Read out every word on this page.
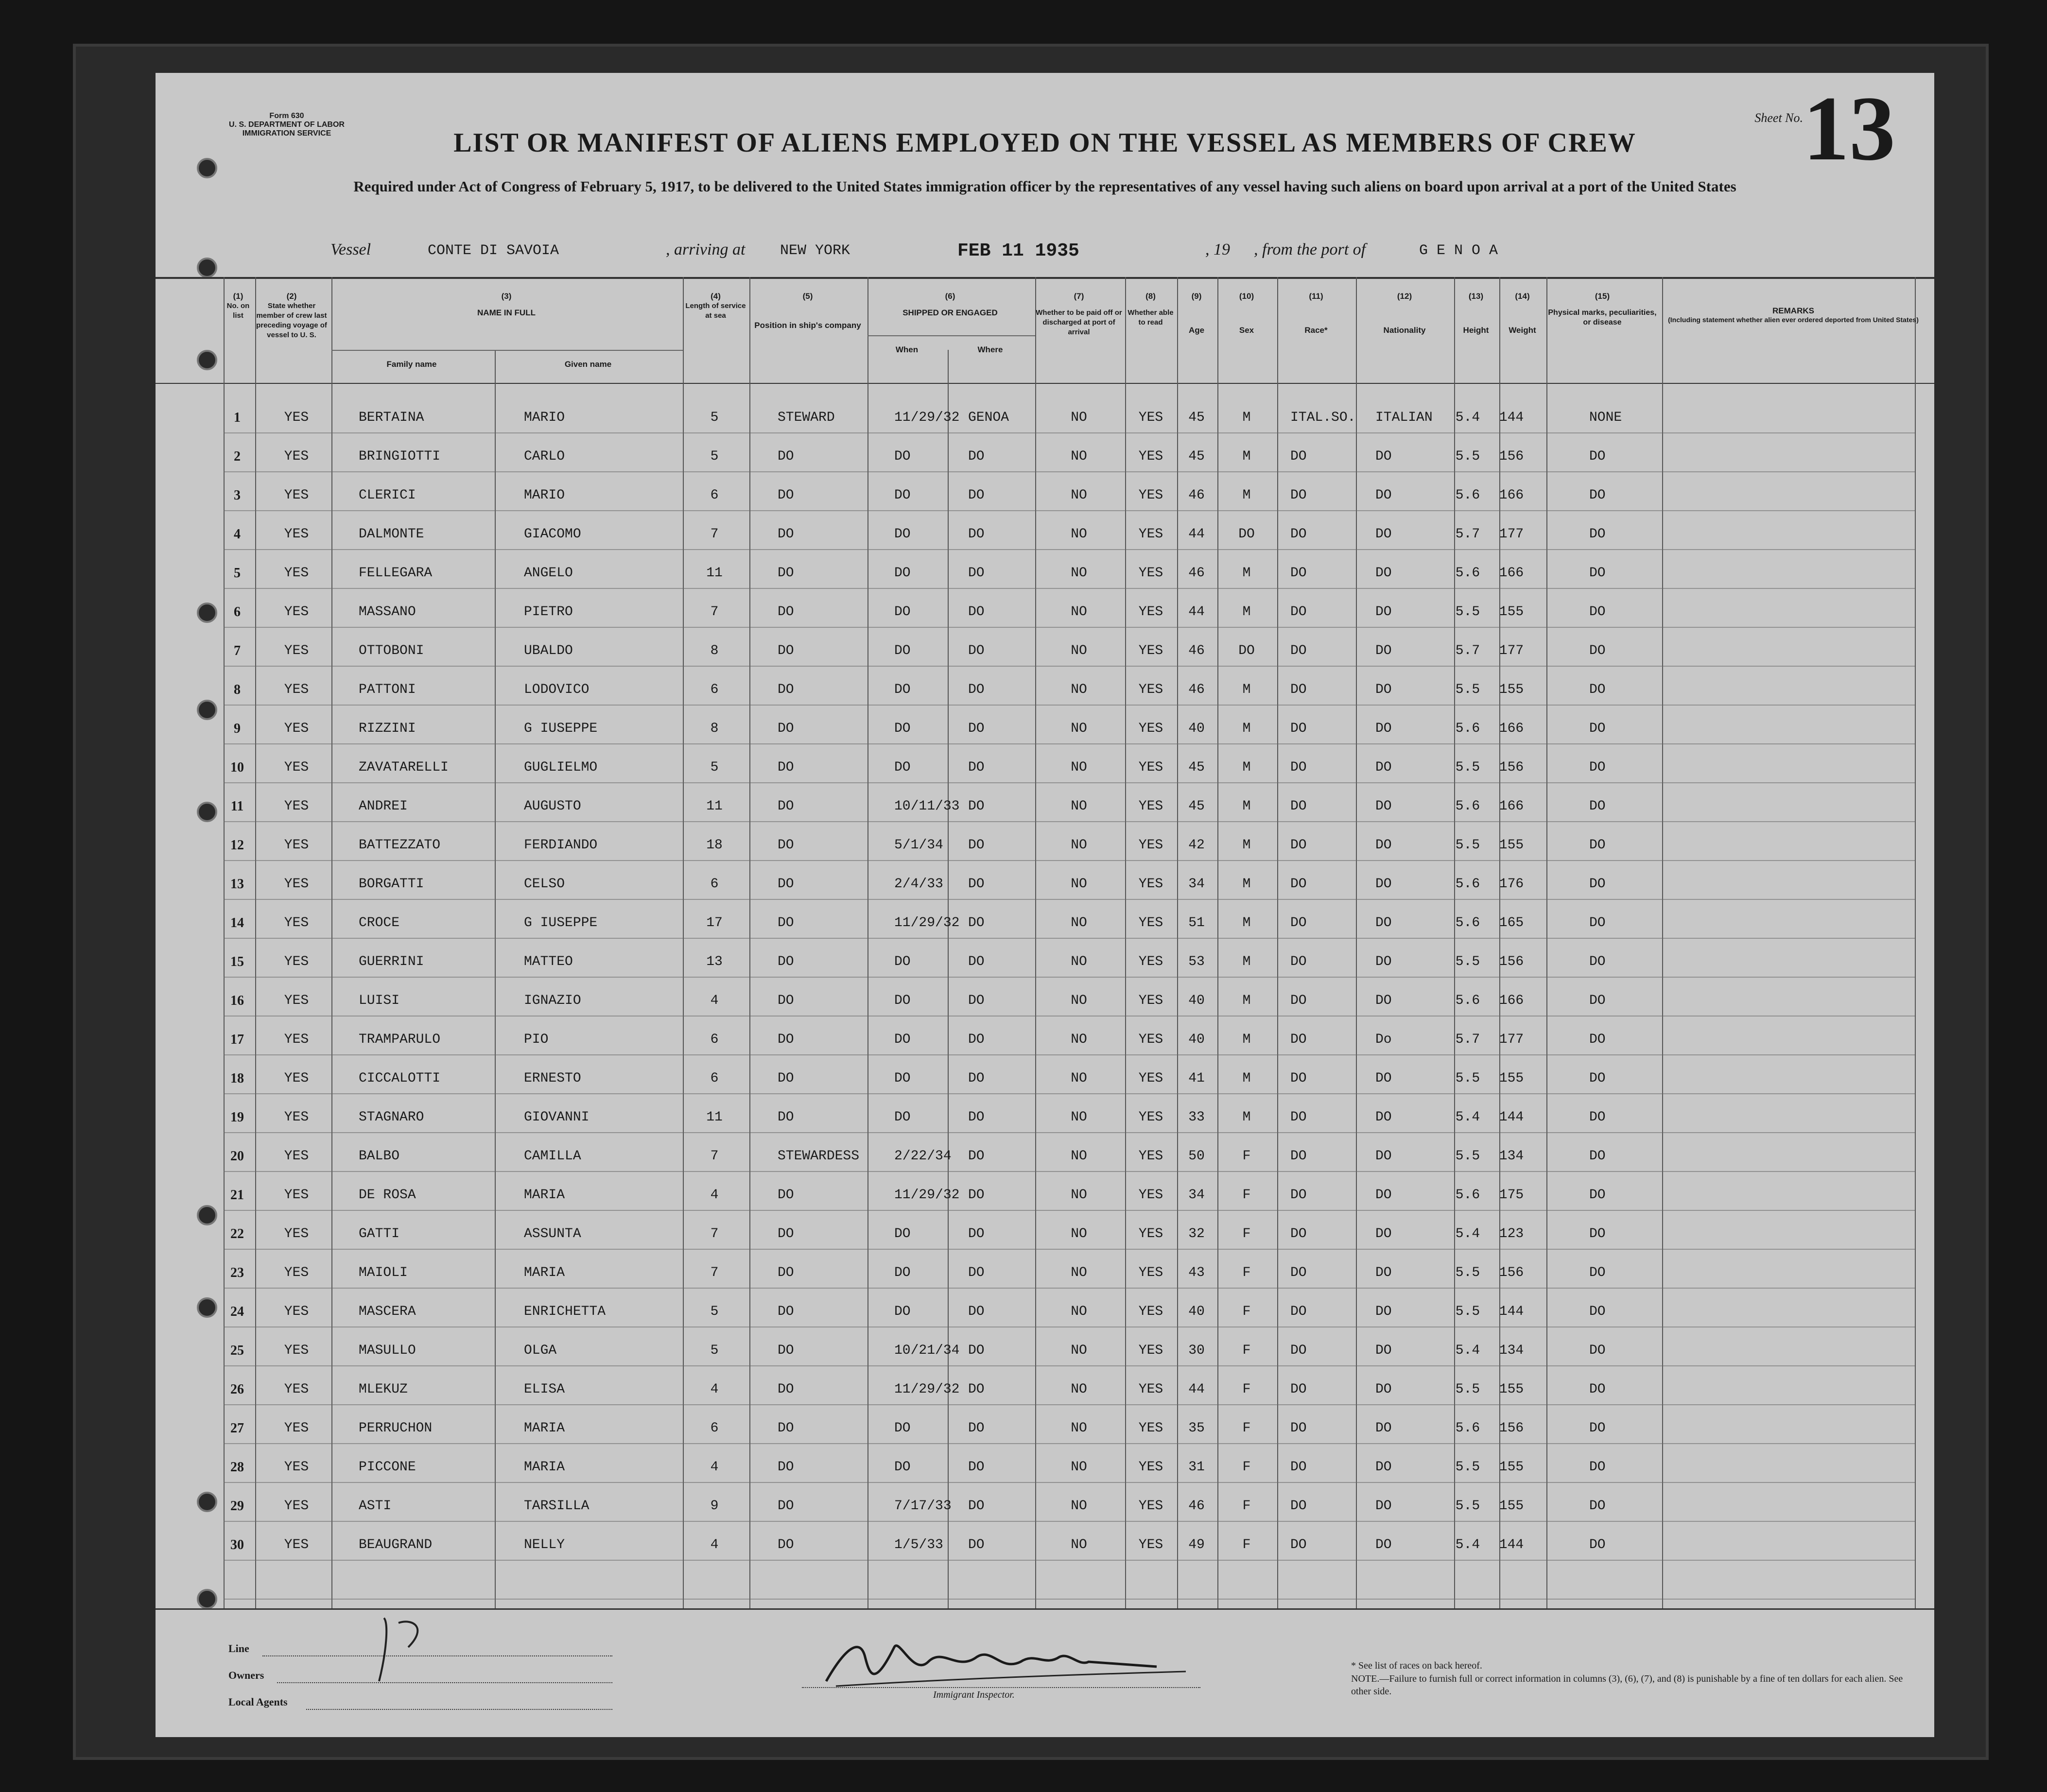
Form 630
U. S. DEPARTMENT OF LABOR
IMMIGRATION SERVICE
Sheet No. 13
LIST OR MANIFEST OF ALIENS EMPLOYED ON THE VESSEL AS MEMBERS OF CREW
Required under Act of Congress of February 5, 1917, to be delivered to the United States immigration officer by the representatives of any vessel having such aliens on board upon arrival at a port of the United States
Vessel	CONTE DI SAVOIA	, arriving at NEW YORK	FEB 11 1935	, 19 , from the port of	G E N O A
(1)
No. on list
(2)
State whether member of crew last preceding voyage of vessel to U. S.
(3)
NAME IN FULL
Family name	Given name
(4)
Length of service at sea
(5)
Position in ship's company
(6)
SHIPPED OR ENGAGED
When	Where
(7)
Whether to be paid off or discharged at port of arrival
(8)
Whether able to read
(9)
Age
(10)
Sex
(11)
Race*
(12)
Nationality
(13)
Height
(14)
Weight
(15)
Physical marks, peculiarities, or disease
REMARKS
(Including statement whether alien ever ordered deported from United States)
1	YES	BERTAINA	MARIO	5	STEWARD	11/29/32 GENOA	NO	YES	45	M	ITAL.SO. ITALIAN	5.4	144	NONE
2	YES	BRINGIOTTI	CARLO	5	DO	DO	DO	NO	YES	45	M	DO	DO	5.5	156	DO
3	YES	CLERICI	MARIO	6	DO	DO	DO	NO	YES	46	M	DO	DO	5.6	166	DO
4	YES	DALMONTE	GIACOMO	7	DO	DO	DO	NO	YES	44	DO	DO	DO	5.7	177	DO
5	YES	FELLEGARA	ANGELO	11	DO	DO	DO	NO	YES	46	M	DO	DO	5.6	166	DO
6	YES	MASSANO	PIETRO	7	DO	DO	DO	NO	YES	44	M	DO	DO	5.5	155	DO
7	YES	OTTOBONI	UBALDO	8	DO	DO	DO	NO	YES	46	DO	DO	DO	5.7	177	DO
8	YES	PATTONI	LODOVICO	6	DO	DO	DO	NO	YES	46	M	DO	DO	5.5	155	DO
9	YES	RIZZINI	G IUSEPPE	8	DO	DO	DO	NO	YES	40	M	DO	DO	5.6	166	DO
10	YES	ZAVATARELLI	GUGLIELMO	5	DO	DO	DO	NO	YES	45	M	DO	DO	5.5	156	DO
11	YES	ANDREI	AUGUSTO	11	DO	10/11/33 DO	NO	YES	45	M	DO	DO	5.6	166	DO
12	YES	BATTEZZATO	FERDIANDO	18	DO	5/1/34 DO	NO	YES	42	M	DO	DO	5.5	155	DO
13	YES	BORGATTI	CELSO	6	DO	2/4/33 DO	NO	YES	34	M	DO	DO	5.6	176	DO
14	YES	CROCE	G IUSEPPE	17	DO	11/29/32 DO	NO	YES	51	M	DO	DO	5.6	165	DO
15	YES	GUERRINI	MATTEO	13	DO	DO	DO	NO	YES	53	M	DO	DO	5.5	156	DO
16	YES	LUISI	IGNAZIO	4	DO	DO	DO	NO	YES	40	M	DO	DO	5.6	166	DO
17	YES	TRAMPARULO	PIO	6	DO	DO	DO	NO	YES	40	M	DO	Do	5.7	177	DO
18	YES	CICCALOTTI	ERNESTO	6	DO	DO	DO	NO	YES	41	M	DO	DO	5.5	155	DO
19	YES	STAGNARO	GIOVANNI	11	DO	DO	DO	NO	YES	33	M	DO	DO	5.4	144	DO
20	YES	BALBO	CAMILLA	7	STEWARDESS	2/22/34 DO	NO	YES	50	F	DO	DO	5.5	134	DO
21	YES	DE ROSA	MARIA	4	DO	11/29/32 DO	NO	YES	34	F	DO	DO	5.6	175	DO
22	YES	GATTI	ASSUNTA	7	DO	DO	DO	NO	YES	32	F	DO	DO	5.4	123	DO
23	YES	MAIOLI	MARIA	7	DO	DO	DO	NO	YES	43	F	DO	DO	5.5	156	DO
24	YES	MASCERA	ENRICHETTA	5	DO	DO	DO	NO	YES	40	F	DO	DO	5.5	144	DO
25	YES	MASULLO	OLGA	5	DO	10/21/34 DO	NO	YES	30	F	DO	DO	5.4	134	DO
26	YES	MLEKUZ	ELISA	4	DO	11/29/32 DO	NO	YES	44	F	DO	DO	5.5	155	DO
27	YES	PERRUCHON	MARIA	6	DO	DO	DO	NO	YES	35	F	DO	DO	5.6	156	DO
28	YES	PICCONE	MARIA	4	DO	DO	DO	NO	YES	31	F	DO	DO	5.5	155	DO
29	YES	ASTI	TARSILLA	9	DO	7/17/33 DO	NO	YES	46	F	DO	DO	5.5	155	DO
30	YES	BEAUGRAND	NELLY	4	DO	1/5/33 DO	NO	YES	49	F	DO	DO	5.4	144	DO
Line
Owners
Local Agents
Immigrant Inspector.
* See list of races on back hereof.
NOTE.—Failure to furnish full or correct information in columns (3), (6), (7), and (8) is punishable by a fine of ten dollars for each alien. See other side.
